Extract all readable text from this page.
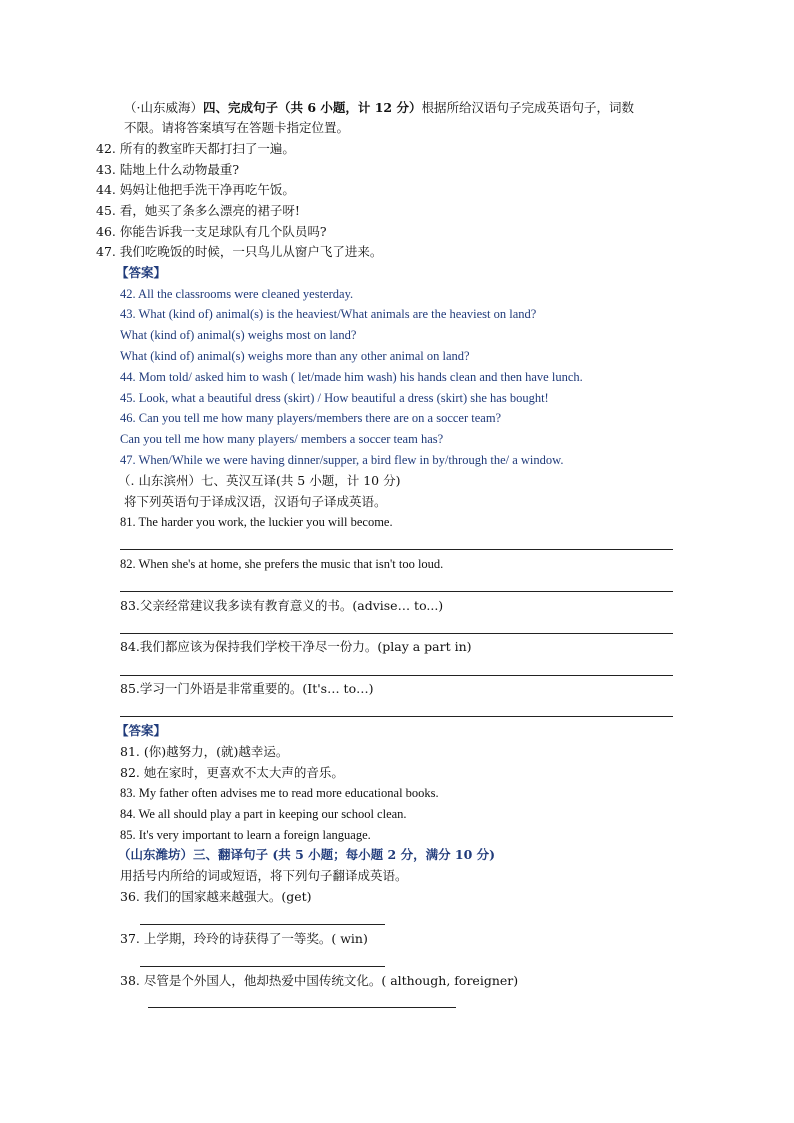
（·山东威海）四、完成句子（共 6 小题，计 12 分）根据所给汉语句子完成英语句子，词数
不限。请将答案填写在答题卡指定位置。
42. 所有的教室昨天都打扫了一遍。
43. 陆地上什么动物最重?
44. 妈妈让他把手洗干净再吃午饭。
45. 看，她买了条多么漂亮的裙子呀!
46. 你能告诉我一支足球队有几个队员吗?
47. 我们吃晚饭的时候，一只鸟儿从窗户飞了进来。
【答案】
42. All the classrooms were cleaned yesterday.
43. What (kind of) animal(s) is the heaviest/What animals are the heaviest on land?
What (kind of) animal(s) weighs most on land?
What (kind of) animal(s) weighs more than any other animal on land?
44. Mom told/ asked him to wash ( let/made him wash) his hands clean and then have lunch.
45. Look, what a beautiful dress (skirt) / How beautiful a dress (skirt) she has bought!
46. Can you tell me how many players/members there are on a soccer team?
Can you tell me how many players/ members a soccer team has?
47. When/While we were having dinner/supper, a bird flew in by/through the/ a window.
（. 山东滨州）七、英汉互译(共 5 小题，计 10 分)
将下列英语句于译成汉语，汉语句子译成英语。
81. The harder you work, the luckier you will become.
82. When she's at home, she prefers the music that isn't too loud.
83.父亲经常建议我多读有教育意义的书。(advise… to...)
84.我们都应该为保持我们学校干净尽一份力。(play a part in)
85.学习一门外语是非常重要的。(It's… to…)
【答案】
81. (你)越努力，(就)越幸运。
82. 她在家时，更喜欢不太大声的音乐。
83. My father often advises me to read more educational books.
84. We all should play a part in keeping our school clean.
85. It's very important to learn a foreign language.
（山东潍坊）三、翻译句子 (共 5 小题；每小题 2 分，满分 10 分)
用括号内所给的词或短语，将下列句子翻译成英语。
36. 我们的国家越来越强大。(get)
37. 上学期，玲玲的诗获得了一等奖。( win)
38. 尽管是个外国人，他却热爱中国传统文化。( although, foreigner)
